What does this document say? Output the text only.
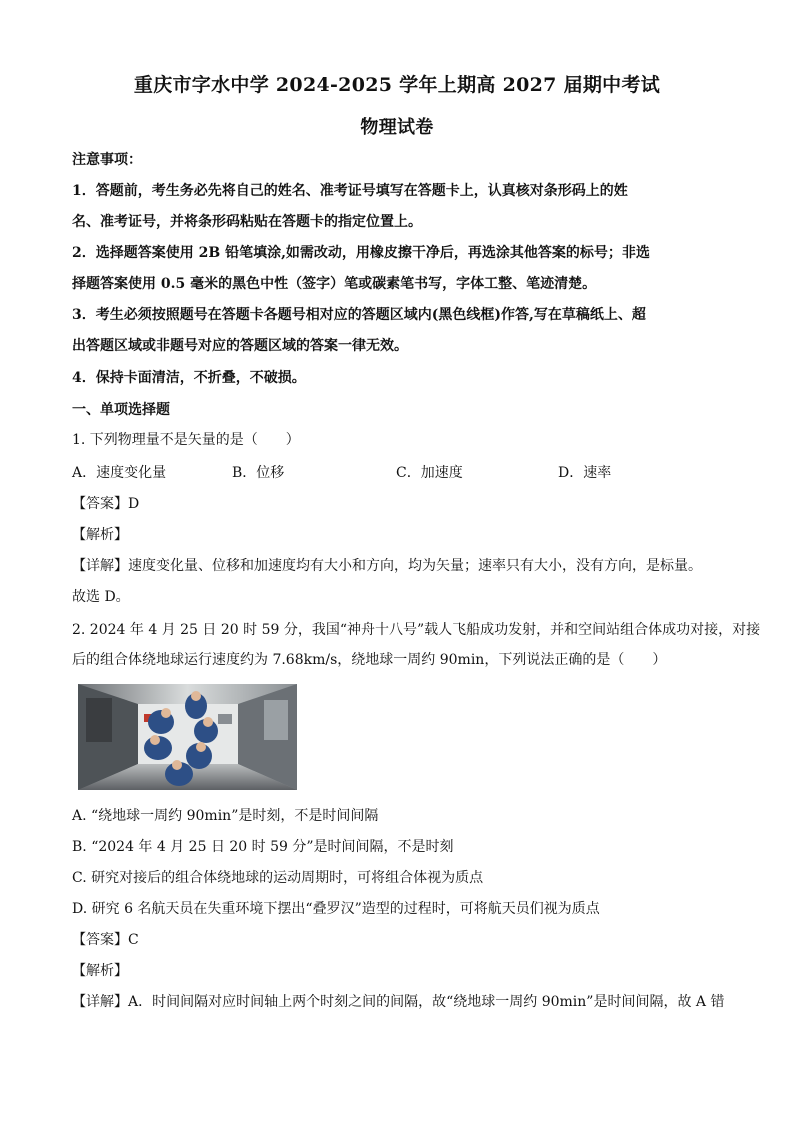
重庆市字水中学 2024-2025 学年上期高 2027 届期中考试
物理试卷
注意事项：
1．答题前，考生务必先将自己的姓名、准考证号填写在答题卡上，认真核对条形码上的姓
名、准考证号，并将条形码粘贴在答题卡的指定位置上。
2．选择题答案使用 2B 铅笔填涂,如需改动，用橡皮擦干净后，再选涂其他答案的标号；非选
择题答案使用 0.5 毫米的黑色中性（签字）笔或碳素笔书写，字体工整、笔迹清楚。
3．考生必须按照题号在答题卡各题号相对应的答题区域内(黑色线框)作答,写在草稿纸上、超
出答题区域或非题号对应的答题区域的答案一律无效。
4．保持卡面清洁，不折叠，不破损。
一、单项选择题
1. 下列物理量不是矢量的是（　　）
A．速度变化量	B．位移	C．加速度	D．速率
【答案】D
【解析】
【详解】速度变化量、位移和加速度均有大小和方向，均为矢量；速率只有大小，没有方向，是标量。
故选 D。
2. 2024 年 4 月 25 日 20 时 59 分，我国“神舟十八号”载人飞船成功发射，并和空间站组合体成功对接，对接
后的组合体绕地球运行速度约为 7.68km/s，绕地球一周约 90min，下列说法正确的是（　　）
A. “绕地球一周约 90min”是时刻，不是时间间隔
B. “2024 年 4 月 25 日 20 时 59 分”是时间间隔，不是时刻
C. 研究对接后的组合体绕地球的运动周期时，可将组合体视为质点
D. 研究 6 名航天员在失重环境下摆出“叠罗汉”造型的过程时，可将航天员们视为质点
【答案】C
【解析】
【详解】A．时间间隔对应时间轴上两个时刻之间的间隔，故“绕地球一周约 90min”是时间间隔，故 A 错
